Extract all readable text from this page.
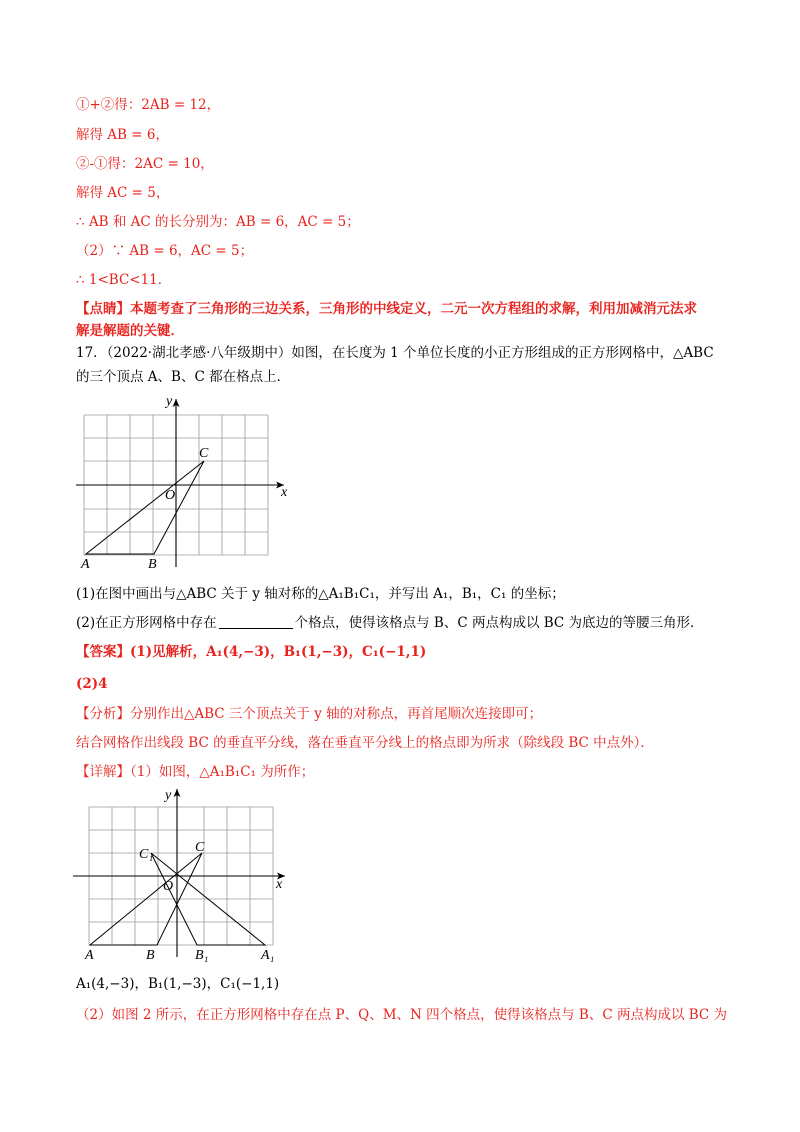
①+②得：2AB = 12，
解得 AB = 6，
②-①得：2AC = 10，
解得 AC = 5，
∴ AB 和 AC 的长分别为：AB = 6，AC = 5；
（2）∵ AB = 6，AC = 5；
∴ 1<BC<11．
【点睛】本题考查了三角形的三边关系，三角形的中线定义，二元一次方程组的求解，利用加减消元法求
解是解题的关键．
17．（2022·湖北孝感·八年级期中）如图，在长度为 1 个单位长度的小正方形组成的正方形网格中，△ABC
的三个顶点 A、B、C 都在格点上．
x
y
O
A	B
C
(1)在图中画出与△ABC 关于 y 轴对称的△A₁B₁C₁，并写出 A₁，B₁，C₁ 的坐标；
(2)在正方形网格中存在	个格点，使得该格点与 B、C 两点构成以 BC 为底边的等腰三角形．
【答案】(1)见解析，A₁(4,−3)，B₁(1,−3)，C₁(−1,1)
(2)4
【分析】分别作出△ABC 三个顶点关于 y 轴的对称点，再首尾顺次连接即可；
结合网格作出线段 BC 的垂直平分线，落在垂直平分线上的格点即为所求（除线段 BC 中点外）．
【详解】（1）如图，△A₁B₁C₁ 为所作；
x
y
O
A	B
C
A₁
B₁
C₁
A₁(4,−3)，B₁(1,−3)，C₁(−1,1)
（2）如图 2 所示，在正方形网格中存在点 P、Q、M、N 四个格点，使得该格点与 B、C 两点构成以 BC 为
